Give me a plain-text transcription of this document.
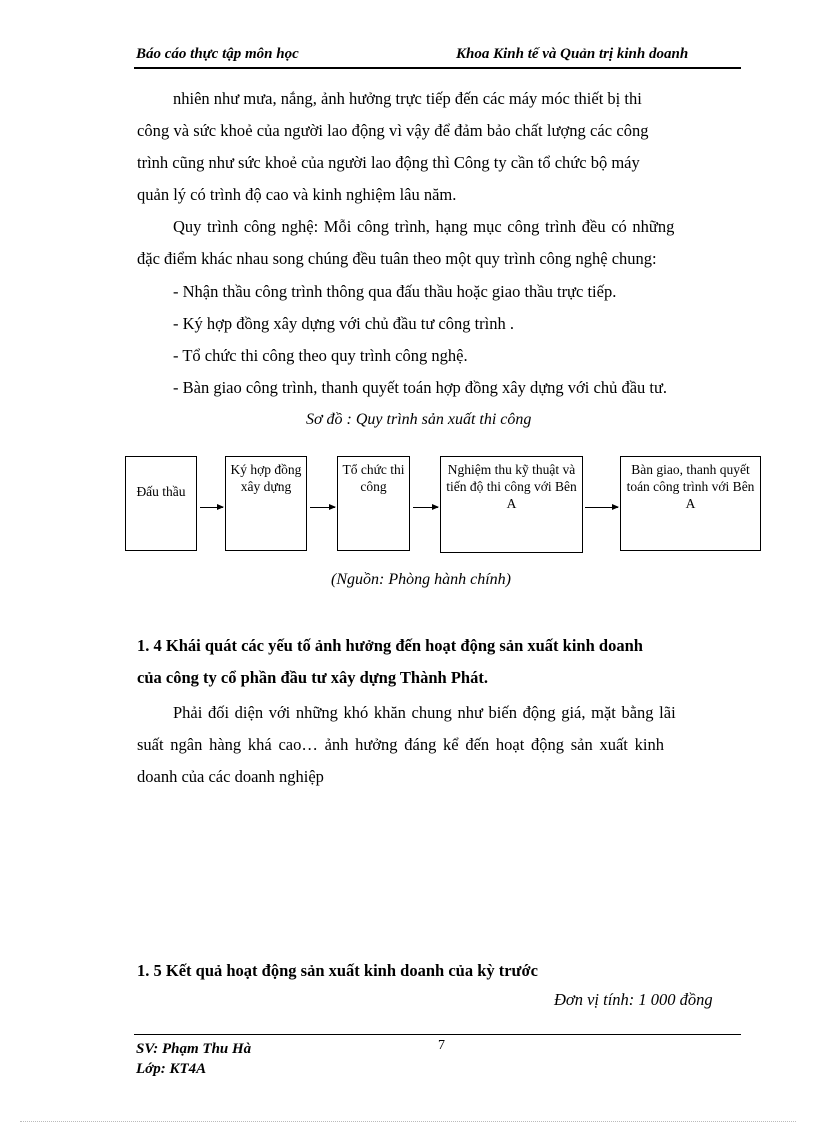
Báo cáo thực tập môn học	Khoa Kinh tế và Quản trị kinh doanh
nhiên như mưa, nắng, ảnh hưởng trực tiếp đến các máy móc thiết bị thi
công và sức khoẻ của người lao động vì vậy để đảm bảo chất lượng các công
trình cũng như sức khoẻ của người lao động thì Công ty cần tổ chức bộ máy
quản lý có trình độ cao và kinh nghiệm lâu năm.
Quy trình công nghệ: Mỗi công trình, hạng mục công trình đều có những
đặc điểm khác nhau song chúng đều tuân theo một quy trình công nghệ chung:
- Nhận thầu công trình thông qua đấu thầu hoặc giao thầu trực tiếp.
- Ký hợp đồng xây dựng với chủ đầu tư công trình .
- Tổ chức thi công theo quy trình công nghệ.
- Bàn giao công trình, thanh quyết toán hợp đồng xây dựng với chủ đầu tư.
Sơ đồ : Quy trình sản xuất thi công
Đấu thầu
Ký hợp đồng xây dựng
Tổ chức thi công
Nghiệm thu kỹ thuật và tiến độ thi công với Bên A
Bàn giao, thanh quyết toán công trình với Bên A
(Nguồn: Phòng hành chính)
1. 4 Khái quát các yếu tố ảnh hưởng đến hoạt động sản xuất kinh doanh
của công ty cổ phần đầu tư xây dựng Thành Phát.
Phải đối diện với những khó khăn chung như biến động giá, mặt bằng lãi
suất ngân hàng khá cao… ảnh hưởng đáng kể đến hoạt động sản xuất kinh
doanh của các doanh nghiệp
1. 5 Kết quả hoạt động sản xuất kinh doanh của kỳ trước
Đơn vị tính: 1 000 đồng
SV: Phạm Thu Hà	7
Lớp: KT4A
